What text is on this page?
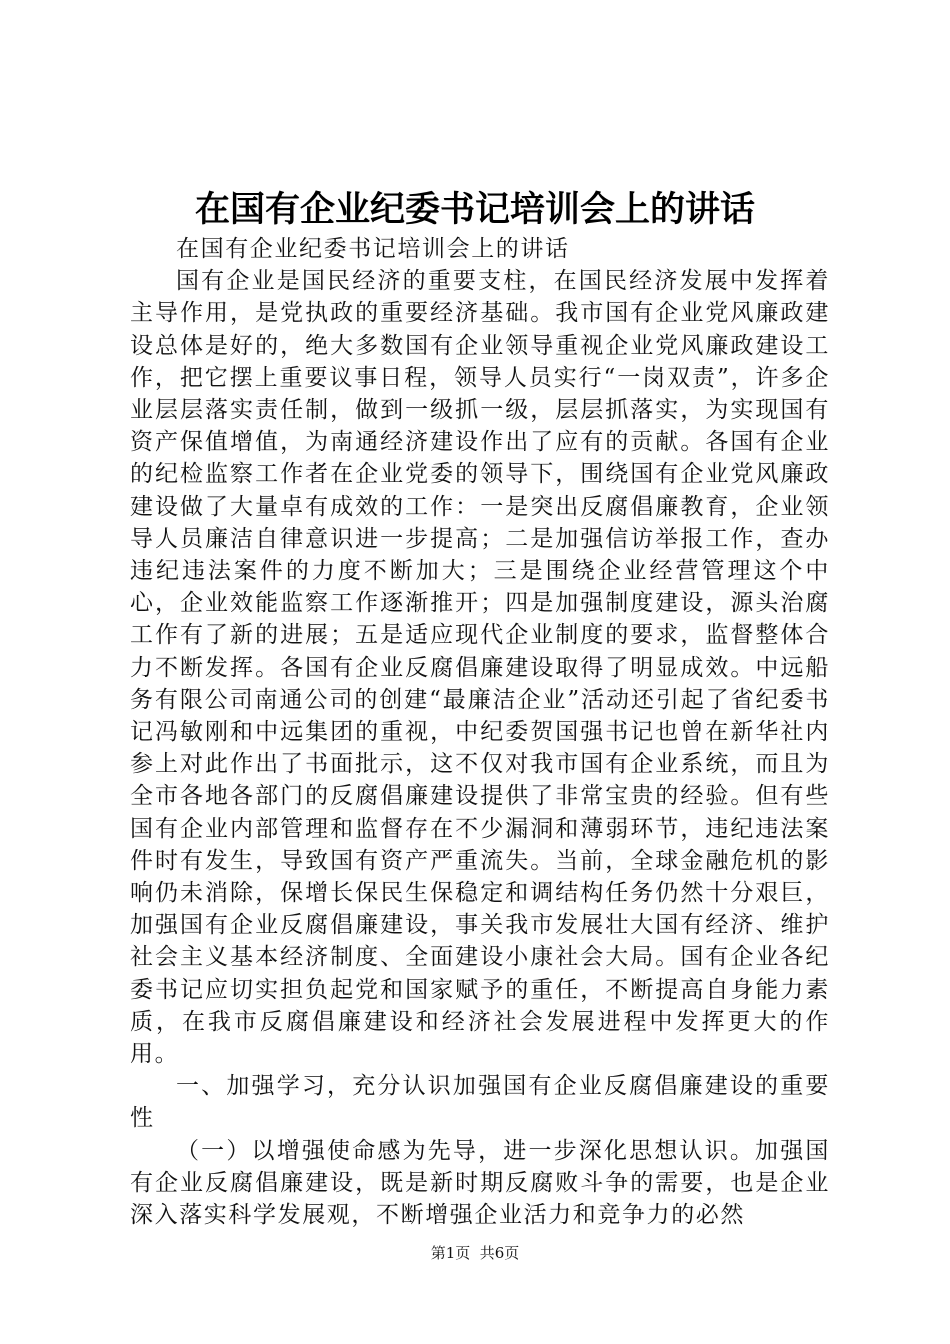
在国有企业纪委书记培训会上的讲话

在国有企业纪委书记培训会上的讲话

国有企业是国民经济的重要支柱，在国民经济发展中发挥着主导作用，是党执政的重要经济基础。我市国有企业党风廉政建设总体是好的，绝大多数国有企业领导重视企业党风廉政建设工作，把它摆上重要议事日程，领导人员实行“一岗双责”，许多企业层层落实责任制，做到一级抓一级，层层抓落实，为实现国有资产保值增值，为南通经济建设作出了应有的贡献。各国有企业的纪检监察工作者在企业党委的领导下，围绕国有企业党风廉政建设做了大量卓有成效的工作：一是突出反腐倡廉教育，企业领导人员廉洁自律意识进一步提高；二是加强信访举报工作，查办违纪违法案件的力度不断加大；三是围绕企业经营管理这个中心，企业效能监察工作逐渐推开；四是加强制度建设，源头治腐工作有了新的进展；五是适应现代企业制度的要求，监督整体合力不断发挥。各国有企业反腐倡廉建设取得了明显成效。中远船务有限公司南通公司的创建“最廉洁企业”活动还引起了省纪委书记冯敏刚和中远集团的重视，中纪委贺国强书记也曾在新华社内参上对此作出了书面批示，这不仅对我市国有企业系统，而且为全市各地各部门的反腐倡廉建设提供了非常宝贵的经验。但有些国有企业内部管理和监督存在不少漏洞和薄弱环节，违纪违法案件时有发生，导致国有资产严重流失。当前，全球金融危机的影响仍未消除，保增长保民生保稳定和调结构任务仍然十分艰巨，加强国有企业反腐倡廉建设，事关我市发展壮大国有经济、维护社会主义基本经济制度、全面建设小康社会大局。国有企业各纪委书记应切实担负起党和国家赋予的重任，不断提高自身能力素质，在我市反腐倡廉建设和经济社会发展进程中发挥更大的作用。

一、加强学习，充分认识加强国有企业反腐倡廉建设的重要性

（一）以增强使命感为先导，进一步深化思想认识。加强国有企业反腐倡廉建设，既是新时期反腐败斗争的需要，也是企业深入落实科学发展观，不断增强企业活力和竞争力的必然

第1页  共6页
